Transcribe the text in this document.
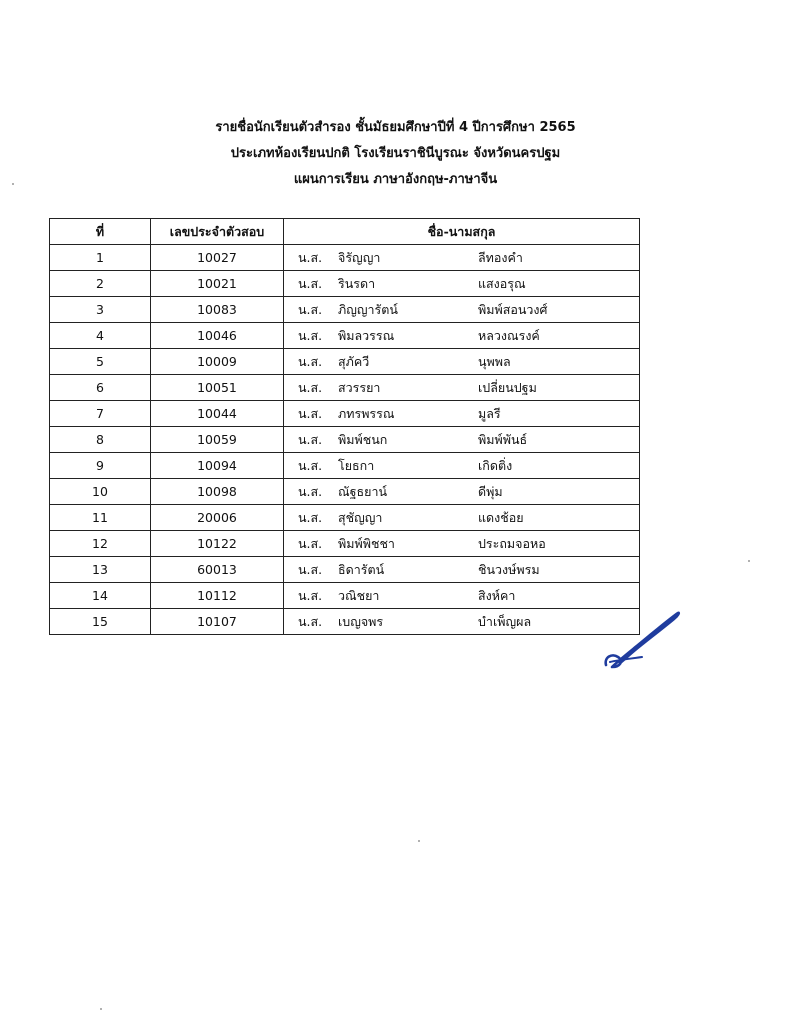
รายชื่อนักเรียนตัวสำรอง ชั้นมัธยมศึกษาปีที่ 4 ปีการศึกษา 2565
ประเภทห้องเรียนปกติ โรงเรียนราชินีบูรณะ จังหวัดนครปฐม
แผนการเรียน ภาษาอังกฤษ-ภาษาจีน
ที่	เลขประจำตัวสอบ	ชื่อ-นามสกุล
1	10027	น.ส. จิรัญญา ลีทองคำ
2	10021	น.ส. รินรดา แสงอรุณ
3	10083	น.ส. ภิญญารัตน์ พิมพ์สอนวงศ์
4	10046	น.ส. พิมลวรรณ หลวงณรงค์
5	10009	น.ส. สุภัควี นุพพล
6	10051	น.ส. สวรรยา เปลี่ยนปฐม
7	10044	น.ส. ภทรพรรณ มูลรี
8	10059	น.ส. พิมพ์ชนก พิมพ์พันธ์
9	10094	น.ส. โยธกา เกิดติ่ง
10	10098	น.ส. ณัฐธยาน์ ดีพุ่ม
11	20006	น.ส. สุชัญญา แดงช้อย
12	10122	น.ส. พิมพ์พิชชา ประถมจอหอ
13	60013	น.ส. ธิดารัตน์ ชินวงษ์พรม
14	10112	น.ส. วณิชยา สิงห์คา
15	10107	น.ส. เบญจพร บำเพ็ญผล
